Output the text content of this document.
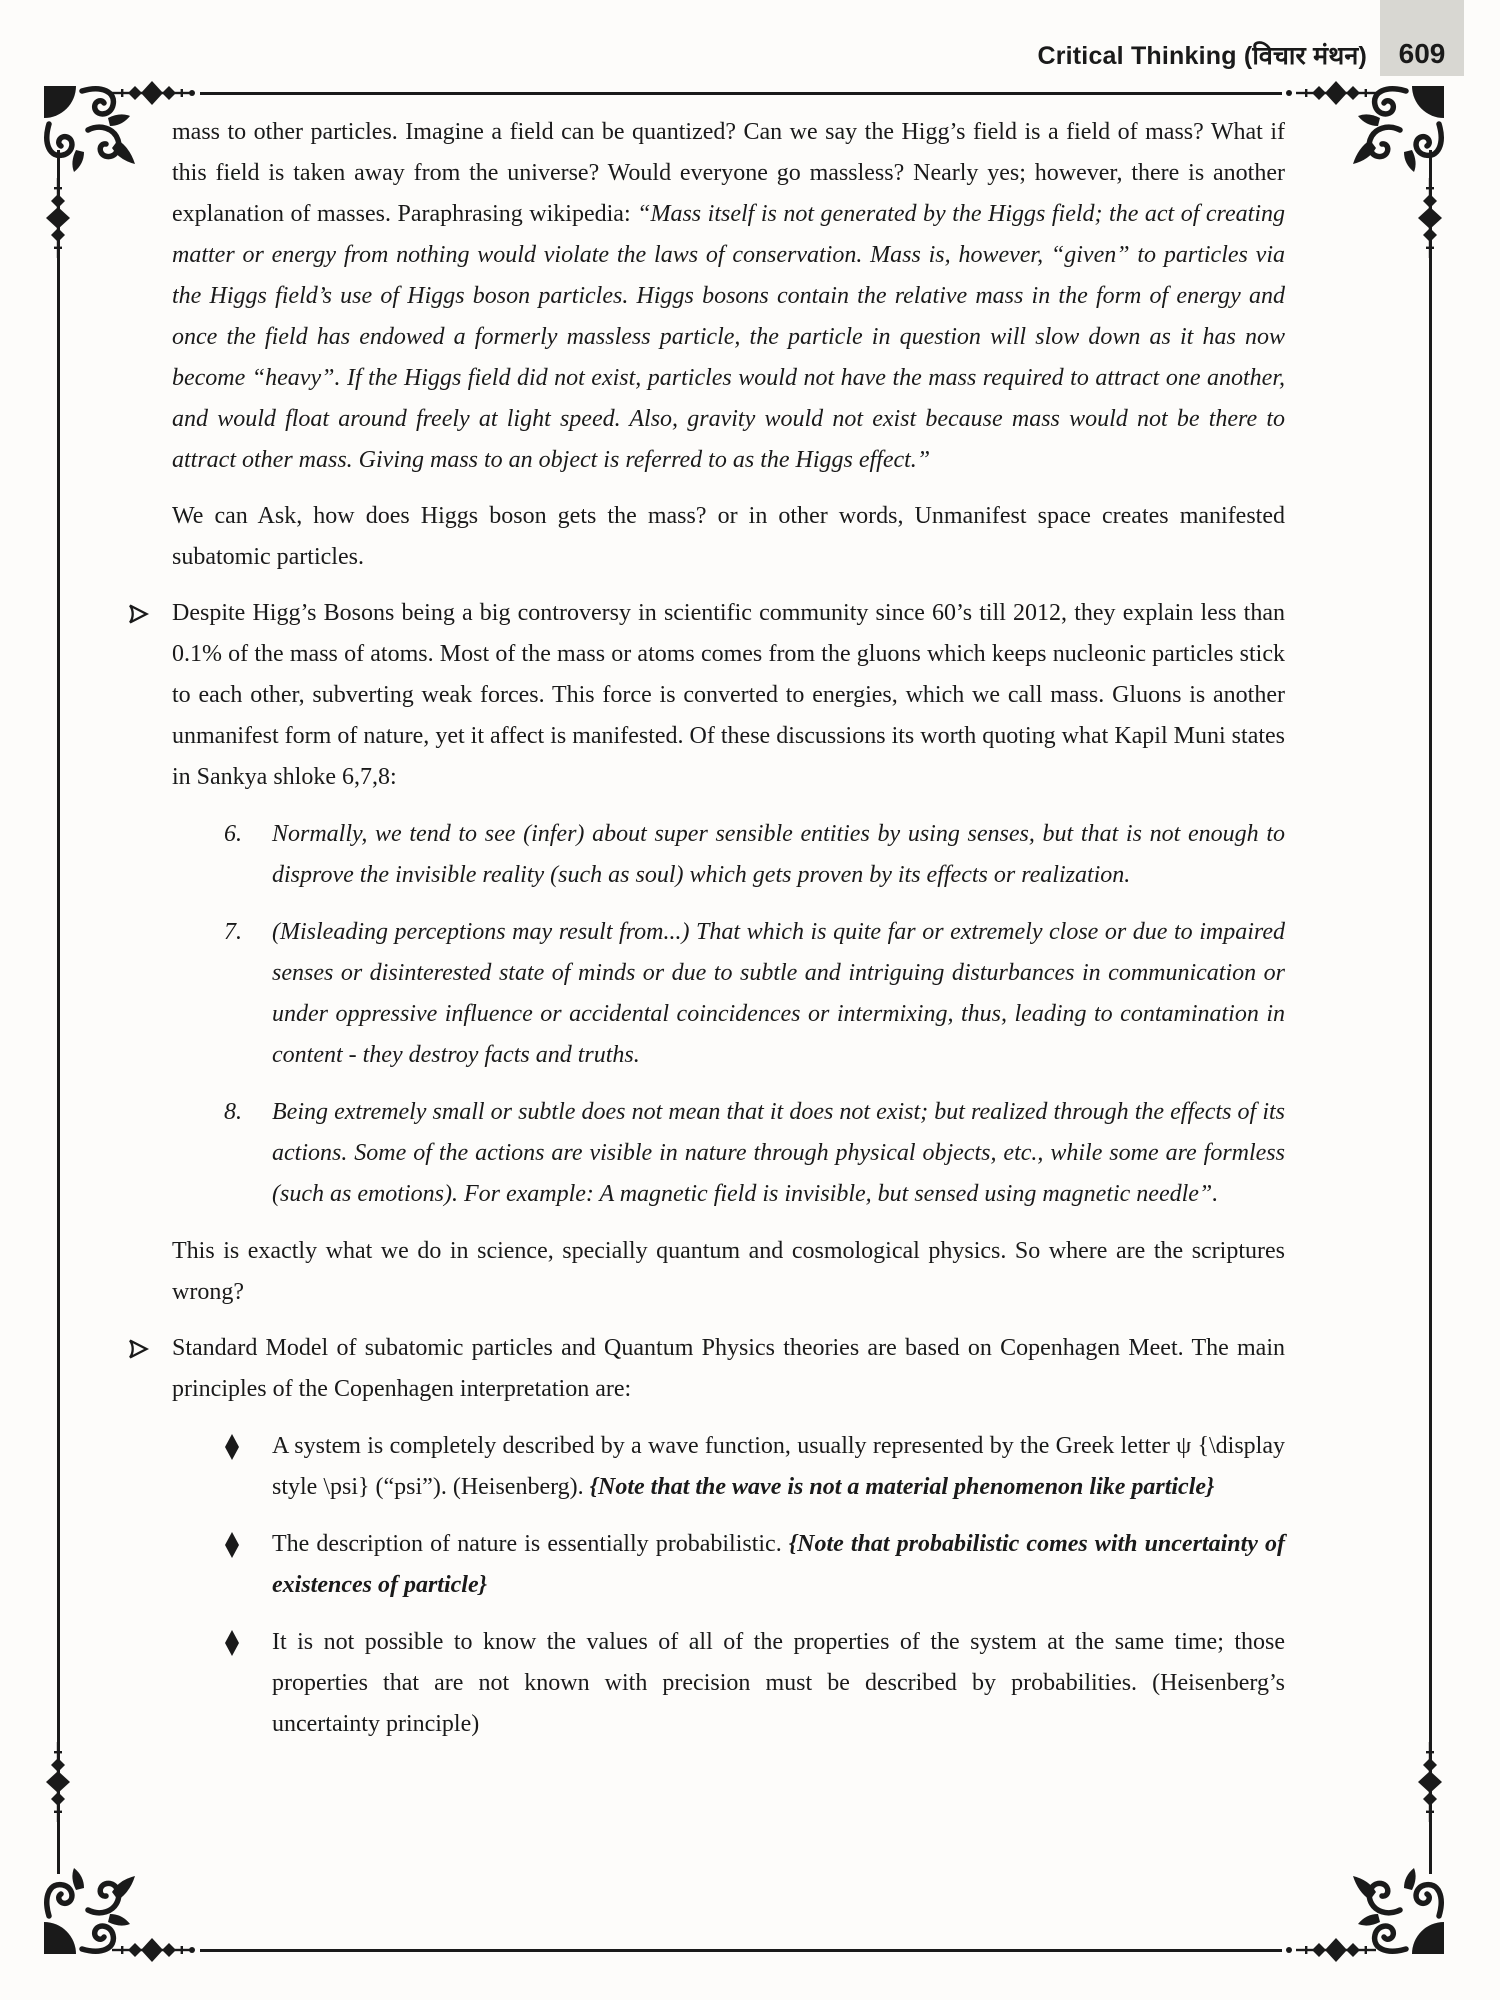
Critical Thinking (विचार मंथन)	609

mass to other particles. Imagine a field can be quantized? Can we say the Higg’s field is a field of mass? What if this field is taken away from the universe? Would everyone go massless? Nearly yes; however, there is another explanation of masses. Paraphrasing wikipedia: “Mass itself is not generated by the Higgs field; the act of creating matter or energy from nothing would violate the laws of conservation. Mass is, however, “given” to particles via the Higgs field’s use of Higgs boson particles. Higgs bosons contain the relative mass in the form of energy and once the field has endowed a formerly massless particle, the particle in question will slow down as it has now become “heavy”. If the Higgs field did not exist, particles would not have the mass required to attract one another, and would float around freely at light speed. Also, gravity would not exist because mass would not be there to attract other mass. Giving mass to an object is referred to as the Higgs effect.”

We can Ask, how does Higgs boson gets the mass? or in other words, Unmanifest space creates manifested subatomic particles.

Despite Higg’s Bosons being a big controversy in scientific community since 60’s till 2012, they explain less than 0.1% of the mass of atoms. Most of the mass or atoms comes from the gluons which keeps nucleonic particles stick to each other, subverting weak forces. This force is converted to energies, which we call mass. Gluons is another unmanifest form of nature, yet it affect is manifested. Of these discussions its worth quoting what Kapil Muni states in Sankya shloke 6,7,8:
6.	Normally, we tend to see (infer) about super sensible entities by using senses, but that is not enough to disprove the invisible reality (such as soul) which gets proven by its effects or realization.
7.	(Misleading perceptions may result from...) That which is quite far or extremely close or due to impaired senses or disinterested state of minds or due to subtle and intriguing disturbances in communication or under oppressive influence or accidental coincidences or intermixing, thus, leading to contamination in content - they destroy facts and truths.
8.	Being extremely small or subtle does not mean that it does not exist; but realized through the effects of its actions. Some of the actions are visible in nature through physical objects, etc., while some are formless (such as emotions). For example: A magnetic field is invisible, but sensed using magnetic needle”.

This is exactly what we do in science, specially quantum and cosmological physics. So where are the scriptures wrong?

Standard Model of subatomic particles and Quantum Physics theories are based on Copenhagen Meet. The main principles of the Copenhagen interpretation are:
A system is completely described by a wave function, usually represented by the Greek letter ψ {\display style \psi} (“psi”). (Heisenberg). {Note that the wave is not a material phenomenon like particle}
The description of nature is essentially probabilistic. {Note that probabilistic comes with uncertainty of existences of particle}
It is not possible to know the values of all of the properties of the system at the same time; those properties that are not known with precision must be described by probabilities. (Heisenberg’s uncertainty principle)
